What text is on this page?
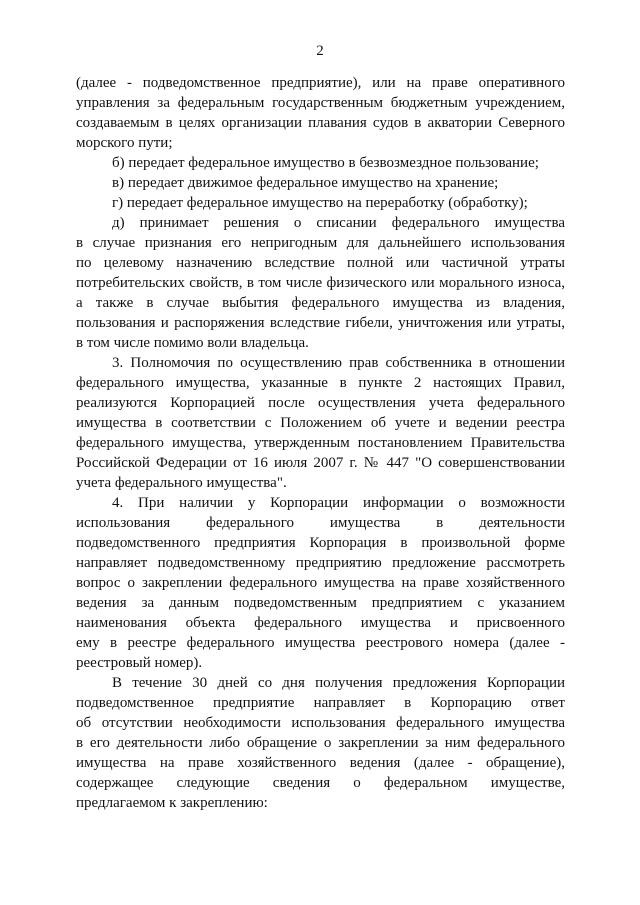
2
(далее - подведомственное предприятие), или на праве оперативного
управления за федеральным государственным бюджетным учреждением,
создаваемым в целях организации плавания судов в акватории Северного
морского пути;
б) передает федеральное имущество в безвозмездное пользование;
в) передает движимое федеральное имущество на хранение;
г) передает федеральное имущество на переработку (обработку);
д) принимает решения о списании федерального имущества
в случае признания его непригодным для дальнейшего использования
по целевому назначению вследствие полной или частичной утраты
потребительских свойств, в том числе физического или морального износа,
а также в случае выбытия федерального имущества из владения,
пользования и распоряжения вследствие гибели, уничтожения или утраты,
в том числе помимо воли владельца.
3. Полномочия по осуществлению прав собственника в отношении
федерального имущества, указанные в пункте 2 настоящих Правил,
реализуются Корпорацией после осуществления учета федерального
имущества в соответствии с Положением об учете и ведении реестра
федерального имущества, утвержденным постановлением Правительства
Российской Федерации от 16 июля 2007 г. № 447 "О совершенствовании
учета федерального имущества".
4. При наличии у Корпорации информации о возможности
использования федерального имущества в деятельности
подведомственного предприятия Корпорация в произвольной форме
направляет подведомственному предприятию предложение рассмотреть
вопрос о закреплении федерального имущества на праве хозяйственного
ведения за данным подведомственным предприятием с указанием
наименования объекта федерального имущества и присвоенного
ему в реестре федерального имущества реестрового номера (далее -
реестровый номер).
В течение 30 дней со дня получения предложения Корпорации
подведомственное предприятие направляет в Корпорацию ответ
об отсутствии необходимости использования федерального имущества
в его деятельности либо обращение о закреплении за ним федерального
имущества на праве хозяйственного ведения (далее - обращение),
содержащее следующие сведения о федеральном имуществе,
предлагаемом к закреплению:
